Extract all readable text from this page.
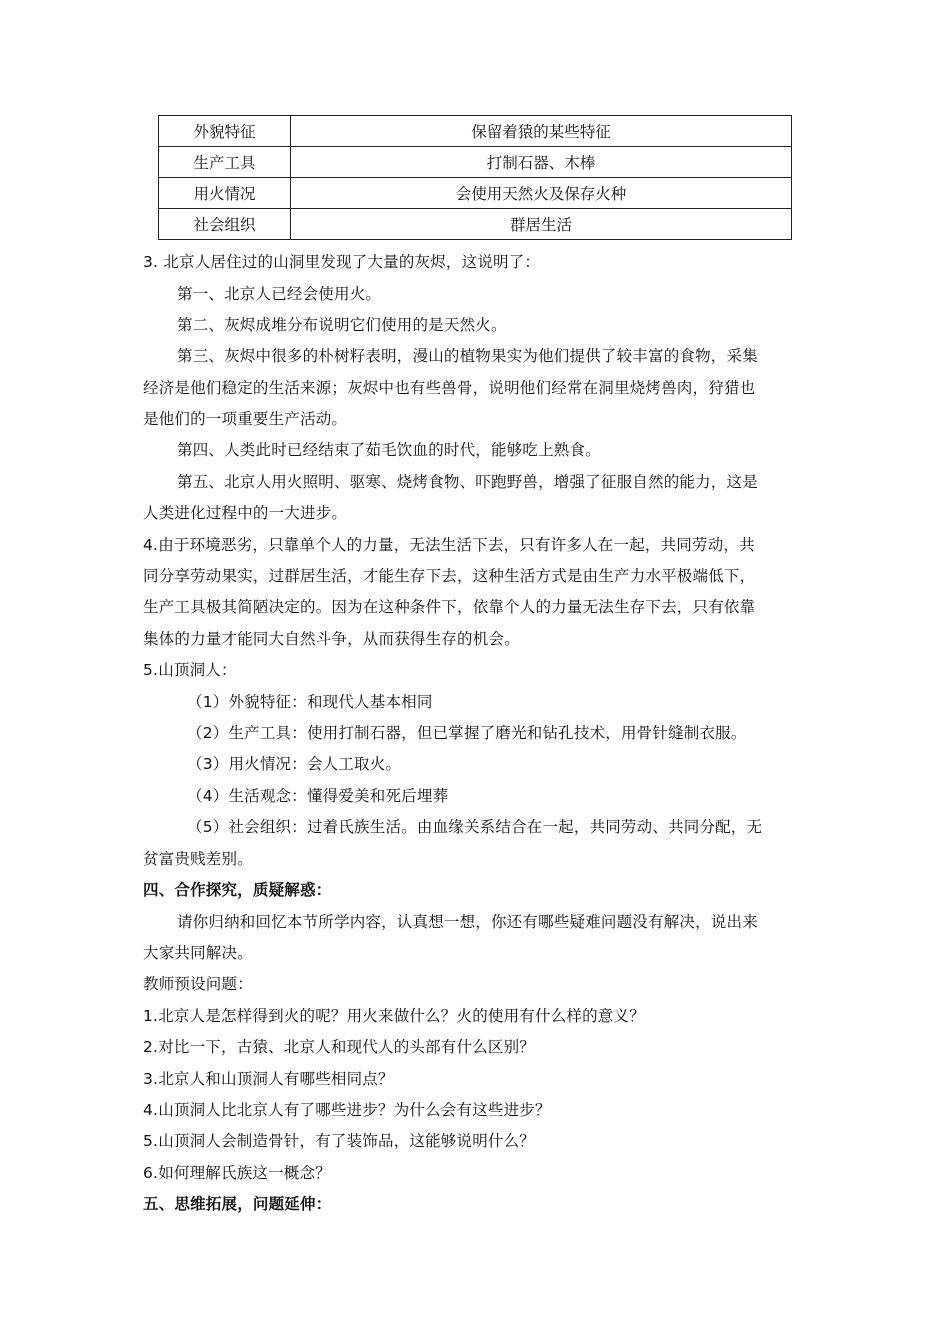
外貌特征	保留着猿的某些特征
生产工具	打制石器、木棒
用火情况	会使用天然火及保存火种
社会组织	群居生活
3. 北京人居住过的山洞里发现了大量的灰烬，这说明了：
第一、北京人已经会使用火。
第二、灰烬成堆分布说明它们使用的是天然火。
第三、灰烬中很多的朴树籽表明，漫山的植物果实为他们提供了较丰富的食物，采集
经济是他们稳定的生活来源；灰烬中也有些兽骨，说明他们经常在洞里烧烤兽肉，狩猎也
是他们的一项重要生产活动。
第四、人类此时已经结束了茹毛饮血的时代，能够吃上熟食。
第五、北京人用火照明、驱寒、烧烤食物、吓跑野兽，增强了征服自然的能力，这是
人类进化过程中的一大进步。
4.由于环境恶劣，只靠单个人的力量，无法生活下去，只有许多人在一起，共同劳动，共
同分享劳动果实，过群居生活，才能生存下去，这种生活方式是由生产力水平极端低下，
生产工具极其简陋决定的。因为在这种条件下，依靠个人的力量无法生存下去，只有依靠
集体的力量才能同大自然斗争，从而获得生存的机会。
5.山顶洞人：
（1）外貌特征：和现代人基本相同
（2）生产工具：使用打制石器，但已掌握了磨光和钻孔技术，用骨针缝制衣服。
（3）用火情况：会人工取火。
（4）生活观念：懂得爱美和死后埋葬
（5）社会组织：过着氏族生活。由血缘关系结合在一起，共同劳动、共同分配，无
贫富贵贱差别。
四、合作探究，质疑解惑：
请你归纳和回忆本节所学内容，认真想一想，你还有哪些疑难问题没有解决，说出来
大家共同解决。
教师预设问题：
1.北京人是怎样得到火的呢？用火来做什么？火的使用有什么样的意义？
2.对比一下，古猿、北京人和现代人的头部有什么区别？
3.北京人和山顶洞人有哪些相同点？
4.山顶洞人比北京人有了哪些进步？为什么会有这些进步？
5.山顶洞人会制造骨针，有了装饰品，这能够说明什么？
6.如何理解氏族这一概念？
五、思维拓展，问题延伸：
